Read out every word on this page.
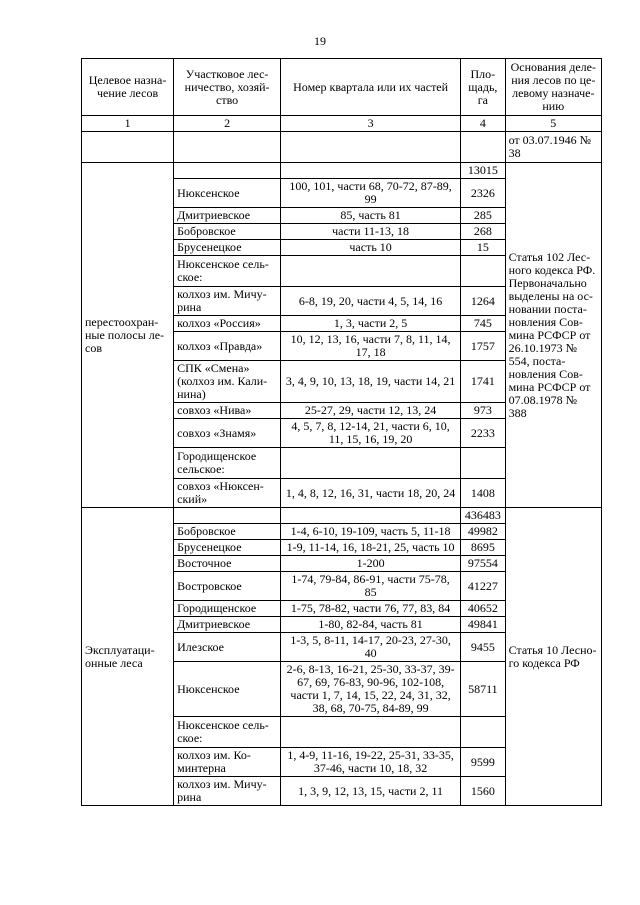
19
Целевое назна-чение лесов	Участковое лес-ничество, хозяй-ство	Номер квартала или их частей	Пло-щадь, га	Основания деле-ния лесов по це-левому назначе-нию
1	2	3	4	5
				от 03.07.1946 № 38
перестоохран-ные полосы ле-сов			13015	Статья 102 Лес-ного кодекса РФ. Первоначально выделены на ос-новании поста-новления Сов-мина РСФСР от 26.10.1973 № 554, поста-новления Сов-мина РСФСР от 07.08.1978 № 388
	Нюксенское	100, 101, части 68, 70-72, 87-89, 99	2326	
	Дмитриевское	85, часть 81	285	
	Бобровское	части 11-13, 18	268	
	Брусенецкое	часть 10	15	
	Нюксенское сель-ское:			
	колхоз им. Мичу-рина	6-8, 19, 20, части 4, 5, 14, 16	1264	
	колхоз «Россия»	1, 3, части 2, 5	745	
	колхоз «Правда»	10, 12, 13, 16, части 7, 8, 11, 14, 17, 18	1757	
	СПК «Смена» (колхоз им. Кали-нина)	3, 4, 9, 10, 13, 18, 19, части 14, 21	1741	
	совхоз «Нива»	25-27, 29, части 12, 13, 24	973	
	совхоз «Знамя»	4, 5, 7, 8, 12-14, 21, части 6, 10, 11, 15, 16, 19, 20	2233	
	Городищенское сельское:			
	совхоз «Нюксен-ский»	1, 4, 8, 12, 16, 31, части 18, 20, 24	1408	
Эксплуатаци-онные леса			436483	Статья 10 Лесно-го кодекса РФ
	Бобровское	1-4, 6-10, 19-109, часть 5, 11-18	49982	
	Брусенецкое	1-9, 11-14, 16, 18-21, 25, часть 10	8695	
	Восточное	1-200	97554	
	Востровское	1-74, 79-84, 86-91, части 75-78, 85	41227	
	Городищенское	1-75, 78-82, части 76, 77, 83, 84	40652	
	Дмитриевское	1-80, 82-84, часть 81	49841	
	Илезское	1-3, 5, 8-11, 14-17, 20-23, 27-30, 40	9455	
	Нюксенское	2-6, 8-13, 16-21, 25-30, 33-37, 39-67, 69, 76-83, 90-96, 102-108, части 1, 7, 14, 15, 22, 24, 31, 32, 38, 68, 70-75, 84-89, 99	58711	
	Нюксенское сель-ское:			
	колхоз им. Ко-минтерна	1, 4-9, 11-16, 19-22, 25-31, 33-35, 37-46, части 10, 18, 32	9599	
	колхоз им. Мичу-рина	1, 3, 9, 12, 13, 15, части 2, 11	1560	
